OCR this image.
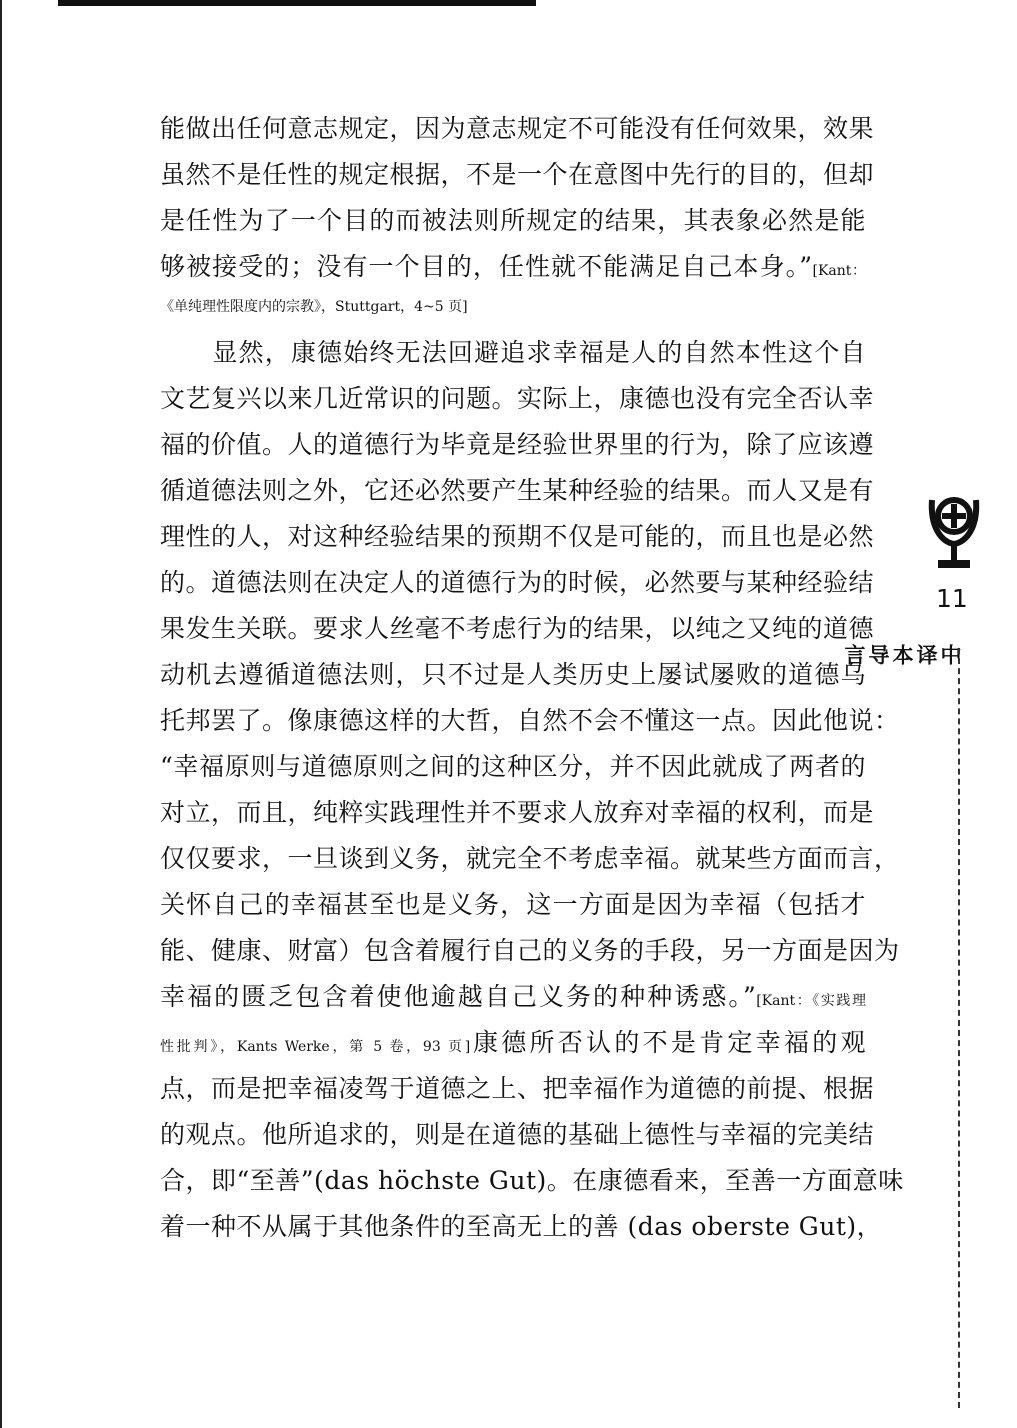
能做出任何意志规定，因为意志规定不可能没有任何效果，效果
虽然不是任性的规定根据，不是一个在意图中先行的目的，但却
是任性为了一个目的而被法则所规定的结果，其表象必然是能
够被接受的；没有一个目的，任性就不能满足自己本身。”[Kant：
《单纯理性限度内的宗教》，Stuttgart，4~5 页]
　　显然，康德始终无法回避追求幸福是人的自然本性这个自
文艺复兴以来几近常识的问题。实际上，康德也没有完全否认幸
福的价值。人的道德行为毕竟是经验世界里的行为，除了应该遵
循道德法则之外，它还必然要产生某种经验的结果。而人又是有
理性的人，对这种经验结果的预期不仅是可能的，而且也是必然
的。道德法则在决定人的道德行为的时候，必然要与某种经验结
果发生关联。要求人丝毫不考虑行为的结果，以纯之又纯的道德
动机去遵循道德法则，只不过是人类历史上屡试屡败的道德乌
托邦罢了。像康德这样的大哲，自然不会不懂这一点。因此他说：
“幸福原则与道德原则之间的这种区分，并不因此就成了两者的
对立，而且，纯粹实践理性并不要求人放弃对幸福的权利，而是
仅仅要求，一旦谈到义务，就完全不考虑幸福。就某些方面而言，
关怀自己的幸福甚至也是义务，这一方面是因为幸福（包括才
能、健康、财富）包含着履行自己的义务的手段，另一方面是因为
幸福的匮乏包含着使他逾越自己义务的种种诱惑。”[Kant：《实践理
性批判》，Kants Werke，第 5 卷，93 页]康德所否认的不是肯定幸福的观
点，而是把幸福凌驾于道德之上、把幸福作为道德的前提、根据
的观点。他所追求的，则是在道德的基础上德性与幸福的完美结
合，即“至善”(das höchste Gut)。在康德看来，至善一方面意味
着一种不从属于其他条件的至高无上的善 (das oberste Gut)，
11
中译本导言
